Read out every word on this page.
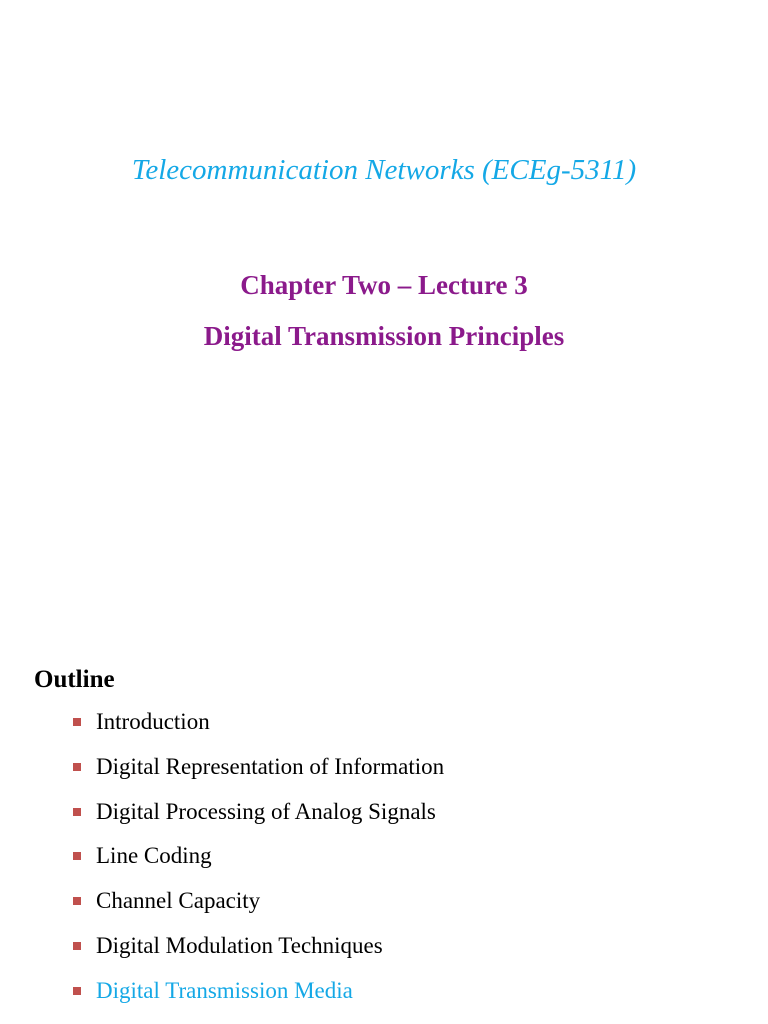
Telecommunication Networks (ECEg-5311)
Chapter Two – Lecture 3
Digital Transmission Principles
Outline
Introduction
Digital Representation of Information
Digital Processing of Analog Signals
Line Coding
Channel Capacity
Digital Modulation Techniques
Digital Transmission Media
